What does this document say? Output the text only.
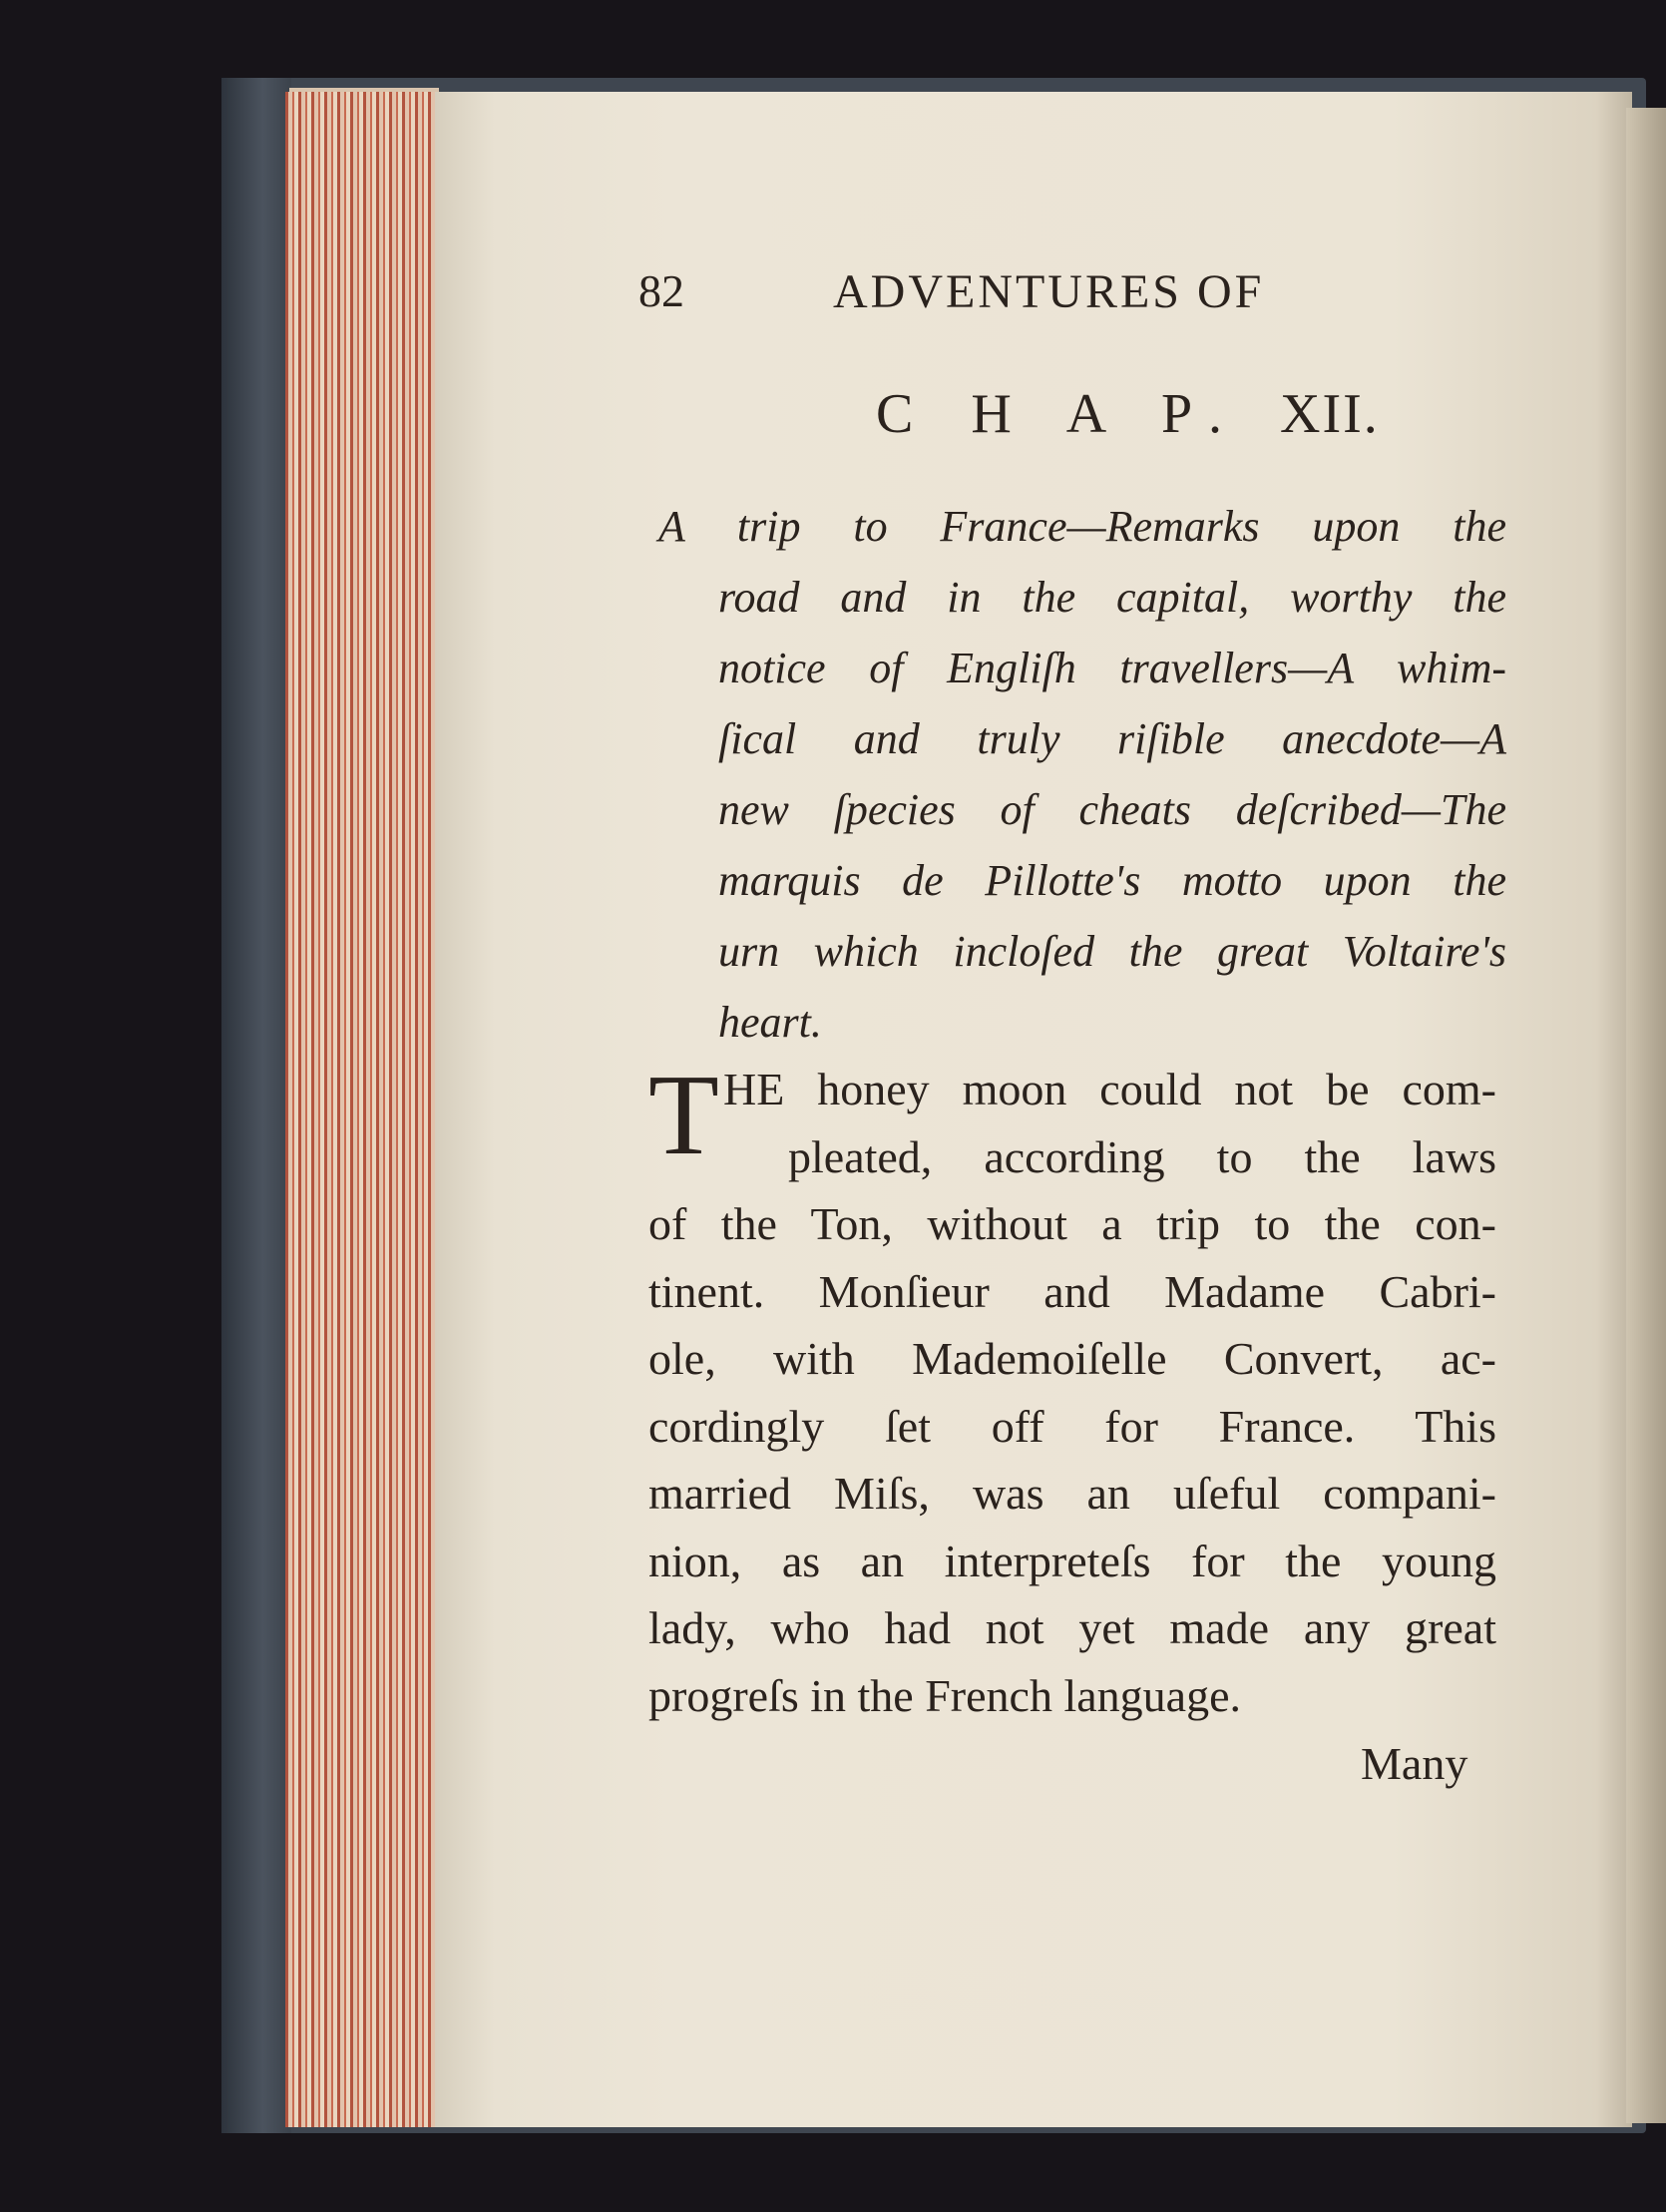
82	ADVENTURES OF
C H A P. XII.
A trip to France—Remarks upon the
road and in the capital, worthy the
notice of Engliſh travellers—A whim-
ſical and truly riſible anecdote—A
new ſpecies of cheats deſcribed—The
marquis de Pillotte's motto upon the
urn which incloſed the great Voltaire's
heart.
T HE honey moon could not be com-
pleated, according to the laws
of the Ton, without a trip to the con-
tinent. Monſieur and Madame Cabri-
ole, with Mademoiſelle Convert, ac-
cordingly ſet off for France. This
married Miſs, was an uſeful compani-
nion, as an interpreteſs for the young
lady, who had not yet made any great
progreſs in the French language.
Many
